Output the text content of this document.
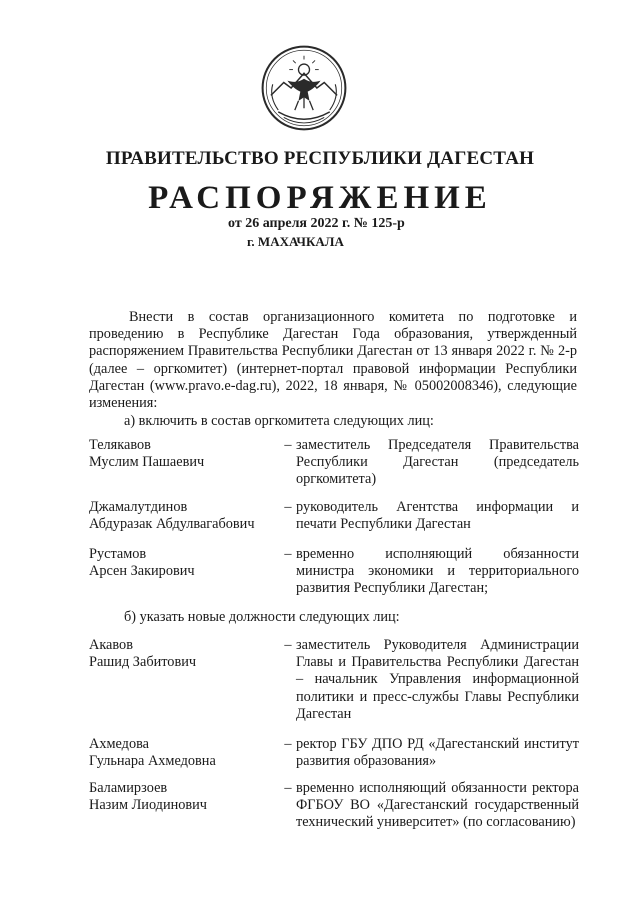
ПРАВИТЕЛЬСТВО РЕСПУБЛИКИ ДАГЕСТАН
РАСПОРЯЖЕНИЕ
от 26 апреля 2022 г. № 125-р
г. МАХАЧКАЛА

Внести в состав организационного комитета по подготовке и проведению в Республике Дагестан Года образования, утвержденный распоряжением Правительства Республики Дагестан от 13 января 2022 г. № 2-р (далее – оргкомитет) (интернет-портал правовой информации Республики Дагестан (www.pravo.e-dag.ru), 2022, 18 января, № 05002008346), следующие изменения:

а) включить в состав оргкомитета следующих лиц:
Телякавов
Муслим Пашаевич
– заместитель Председателя Правительства Республики Дагестан (председатель оргкомитета)
Джамалутдинов
Абдуразак Абдулвагабович
– руководитель Агентства информации и печати Республики Дагестан
Рустамов
Арсен Закирович
– временно исполняющий обязанности министра экономики и территориального развития Республики Дагестан;
б) указать новые должности следующих лиц:
Акавов
Рашид Забитович
– заместитель Руководителя Администрации Главы и Правительства Республики Дагестан – начальник Управления информационной политики и пресс-службы Главы Республики Дагестан
Ахмедова
Гульнара Ахмедовна
– ректор ГБУ ДПО РД «Дагестанский институт развития образования»
Баламирзоев
Назим Лиодинович
– временно исполняющий обязанности ректора ФГБОУ ВО «Дагестанский государственный технический университет» (по согласованию)
